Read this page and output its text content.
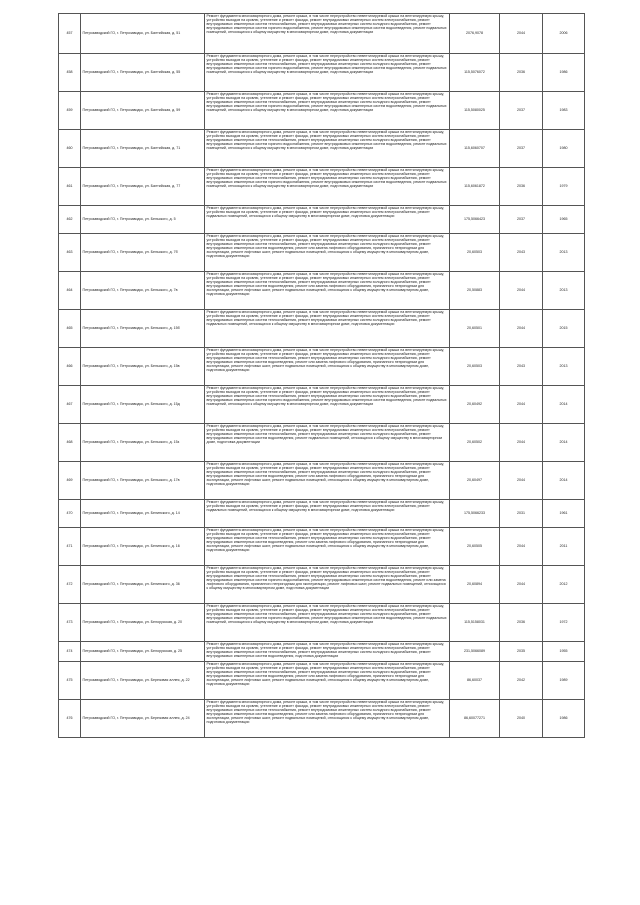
457	Петрозаводский ГО, г. Петрозаводск, ул. Балтийская, д. 51	Ремонт фундамента многоквартирного дома, ремонт крыши, в том числе переустройство невентилируемой крыши на вентилируемую крышу, устройство выходов на кровлю, утепление и ремонт фасада, ремонт внутридомовых инженерных систем электроснабжения, ремонт внутридомовых инженерных систем теплоснабжения, ремонт внутридомовых инженерных систем холодного водоснабжения, ремонт внутридомовых инженерных систем горячего водоснабжения, ремонт внутридомовых инженерных систем водоотведения, ремонт подвальных помещений, относящихся к общему имуществу в многоквартирном доме, подготовка документации	2076,9078	2044	2006
458	Петрозаводский ГО, г. Петрозаводск, ул. Балтийская, д. 55	Ремонт фундамента многоквартирного дома, ремонт крыши, в том числе переустройство невентилируемой крыши на вентилируемую крышу, устройство выходов на кровлю, утепление и ремонт фасада, ремонт внутридомовых инженерных систем электроснабжения, ремонт внутридомовых инженерных систем теплоснабжения, ремонт внутридомовых инженерных систем холодного водоснабжения, ремонт внутридомовых инженерных систем горячего водоснабжения, ремонт внутридомовых инженерных систем водоотведения, ремонт подвальных помещений, относящихся к общему имуществу в многоквартирном доме, подготовка документации	115,5076072	2036	1986
459	Петрозаводский ГО, г. Петрозаводск, ул. Балтийская, д. 59	Ремонт фундамента многоквартирного дома, ремонт крыши, в том числе переустройство невентилируемой крыши на вентилируемую крышу, устройство выходов на кровлю, утепление и ремонт фасада, ремонт внутридомовых инженерных систем электроснабжения, ремонт внутридомовых инженерных систем теплоснабжения, ремонт внутридомовых инженерных систем холодного водоснабжения, ремонт внутридомовых инженерных систем горячего водоснабжения, ремонт внутридомовых инженерных систем водоотведения, ремонт подвальных помещений, относящихся к общему имуществу в многоквартирном доме, подготовка документации	115,5080025	2037	1983
460	Петрозаводский ГО, г. Петрозаводск, ул. Балтийская, д. 71	Ремонт фундамента многоквартирного дома, ремонт крыши, в том числе переустройство невентилируемой крыши на вентилируемую крышу, устройство выходов на кровлю, утепление и ремонт фасада, ремонт внутридомовых инженерных систем электроснабжения, ремонт внутридомовых инженерных систем теплоснабжения, ремонт внутридомовых инженерных систем холодного водоснабжения, ремонт внутридомовых инженерных систем горячего водоснабжения, ремонт внутридомовых инженерных систем водоотведения, ремонт подвальных помещений, относящихся к общему имуществу в многоквартирном доме, подготовка документации	115,6060707	2037	1980
461	Петрозаводский ГО, г. Петрозаводск, ул. Балтийская, д. 77	Ремонт фундамента многоквартирного дома, ремонт крыши, в том числе переустройство невентилируемой крыши на вентилируемую крышу, устройство выходов на кровлю, утепление и ремонт фасада, ремонт внутридомовых инженерных систем электроснабжения, ремонт внутридомовых инженерных систем теплоснабжения, ремонт внутридомовых инженерных систем холодного водоснабжения, ремонт внутридомовых инженерных систем горячего водоснабжения, ремонт внутридомовых инженерных систем водоотведения, ремонт подвальных помещений, относящихся к общему имуществу в многоквартирном доме, подготовка документации	115,6061872	2036	1979
462	Петрозаводский ГО, г. Петрозаводск, ул. Бельского, д. 5	Ремонт фундамента многоквартирного дома, ремонт крыши, в том числе переустройство невентилируемой крыши на вентилируемую крышу, устройство выходов на кровлю, утепление и ремонт фасада, ремонт внутридомовых инженерных систем электроснабжения, ремонт подвальных помещений, относящихся к общему имуществу в многоквартирном доме, подготовка документации	175,5066423	2037	1965
463	Петрозаводский ГО, г. Петрозаводск, ул. Бельского, д. 7б	Ремонт фундамента многоквартирного дома, ремонт крыши, в том числе переустройство невентилируемой крыши на вентилируемую крышу, устройство выходов на кровлю, утепление и ремонт фасада, ремонт внутридомовых инженерных систем электроснабжения, ремонт внутридомовых инженерных систем теплоснабжения, ремонт внутридомовых инженерных систем холодного водоснабжения, ремонт внутридомовых инженерных систем водоотведения, ремонт или замена лифтового оборудования, признанного непригодным для эксплуатации, ремонт лифтовых шахт, ремонт подвальных помещений, относящихся к общему имуществу в многоквартирном доме, подготовка документации	20,60503	2043	2013
464	Петрозаводский ГО, г. Петрозаводск, ул. Бельского, д. 7в	Ремонт фундамента многоквартирного дома, ремонт крыши, в том числе переустройство невентилируемой крыши на вентилируемую крышу, устройство выходов на кровлю, утепление и ремонт фасада, ремонт внутридомовых инженерных систем электроснабжения, ремонт внутридомовых инженерных систем теплоснабжения, ремонт внутридомовых инженерных систем холодного водоснабжения, ремонт внутридомовых инженерных систем водоотведения, ремонт или замена лифтового оборудования, признанного непригодным для эксплуатации, ремонт лифтовых шахт, ремонт подвальных помещений, относящихся к общему имуществу в многоквартирном доме, подготовка документации	20,50883	2044	2013
465	Петрозаводский ГО, г. Петрозаводск, ул. Бельского, д. 15б	Ремонт фундамента многоквартирного дома, ремонт крыши, в том числе переустройство невентилируемой крыши на вентилируемую крышу, устройство выходов на кровлю, утепление и ремонт фасада, ремонт внутридомовых инженерных систем электроснабжения, ремонт внутридомовых инженерных систем теплоснабжения, ремонт внутридомовых инженерных систем холодного водоснабжения, ремонт подвальных помещений, относящихся к общему имуществу в многоквартирном доме, подготовка документации	20,60501	2044	2015
466	Петрозаводский ГО, г. Петрозаводск, ул. Бельского, д. 15в	Ремонт фундамента многоквартирного дома, ремонт крыши, в том числе переустройство невентилируемой крыши на вентилируемую крышу, устройство выходов на кровлю, утепление и ремонт фасада, ремонт внутридомовых инженерных систем электроснабжения, ремонт внутридомовых инженерных систем теплоснабжения, ремонт внутридомовых инженерных систем холодного водоснабжения, ремонт внутридомовых инженерных систем водоотведения, ремонт или замена лифтового оборудования, признанного непригодным для эксплуатации, ремонт лифтовых шахт, ремонт подвальных помещений, относящихся к общему имуществу в многоквартирном доме, подготовка документации	20,60503	2043	2013
467	Петрозаводский ГО, г. Петрозаводск, ул. Бельского, д. 15д	Ремонт фундамента многоквартирного дома, ремонт крыши, в том числе переустройство невентилируемой крыши на вентилируемую крышу, устройство выходов на кровлю, утепление и ремонт фасада, ремонт внутридомовых инженерных систем электроснабжения, ремонт внутридомовых инженерных систем теплоснабжения, ремонт внутридомовых инженерных систем холодного водоснабжения, ремонт внутридомовых инженерных систем горячего водоснабжения, ремонт внутридомовых инженерных систем водоотведения, ремонт подвальных помещений, относящихся к общему имуществу в многоквартирном доме, подготовка документации	20,60492	2044	2014
468	Петрозаводский ГО, г. Петрозаводск, ул. Бельского, д. 15з	Ремонт фундамента многоквартирного дома, ремонт крыши, в том числе переустройство невентилируемой крыши на вентилируемую крышу, устройство выходов на кровлю, утепление и ремонт фасада, ремонт внутридомовых инженерных систем электроснабжения, ремонт внутридомовых инженерных систем теплоснабжения, ремонт внутридомовых инженерных систем холодного водоснабжения, ремонт внутридомовых инженерных систем водоотведения, ремонт подвальных помещений, относящихся к общему имуществу в многоквартирном доме, подготовка документации	20,60502	2044	2014
469	Петрозаводский ГО, г. Петрозаводск, ул. Бельского, д. 17в	Ремонт фундамента многоквартирного дома, ремонт крыши, в том числе переустройство невентилируемой крыши на вентилируемую крышу, устройство выходов на кровлю, утепление и ремонт фасада, ремонт внутридомовых инженерных систем электроснабжения, ремонт внутридомовых инженерных систем теплоснабжения, ремонт внутридомовых инженерных систем холодного водоснабжения, ремонт внутридомовых инженерных систем водоотведения, ремонт или замена лифтового оборудования, признанного непригодным для эксплуатации, ремонт лифтовых шахт, ремонт подвальных помещений, относящихся к общему имуществу в многоквартирном доме, подготовка документации	20,60497	2044	2014
470	Петрозаводский ГО, г. Петрозаводск, ул. Белинского, д. 14	Ремонт фундамента многоквартирного дома, ремонт крыши, в том числе переустройство невентилируемой крыши на вентилируемую крышу, устройство выходов на кровлю, утепление и ремонт фасада, ремонт внутридомовых инженерных систем электроснабжения, ремонт подвальных помещений, относящихся к общему имуществу в многоквартирном доме, подготовка документации	175,5066233	2031	1961
471	Петрозаводский ГО, г. Петрозаводск, ул. Белинского, д. 16	Ремонт фундамента многоквартирного дома, ремонт крыши, в том числе переустройство невентилируемой крыши на вентилируемую крышу, устройство выходов на кровлю, утепление и ремонт фасада, ремонт внутридомовых инженерных систем электроснабжения, ремонт внутридомовых инженерных систем теплоснабжения, ремонт внутридомовых инженерных систем холодного водоснабжения, ремонт внутридомовых инженерных систем водоотведения, ремонт или замена лифтового оборудования, признанного непригодным для эксплуатации, ремонт лифтовых шахт, ремонт подвальных помещений, относящихся к общему имуществу в многоквартирном доме, подготовка документации	20,60505	2044	2011
472	Петрозаводский ГО, г. Петрозаводск, ул. Белинского, д. 36	Ремонт фундамента многоквартирного дома, ремонт крыши, в том числе переустройство невентилируемой крыши на вентилируемую крышу, устройство выходов на кровлю, утепление и ремонт фасада, ремонт внутридомовых инженерных систем электроснабжения, ремонт внутридомовых инженерных систем теплоснабжения, ремонт внутридомовых инженерных систем холодного водоснабжения, ремонт внутридомовых инженерных систем горячего водоснабжения, ремонт внутридомовых инженерных систем водоотведения, ремонт или замена лифтового оборудования, признанного непригодным для эксплуатации, ремонт лифтовых шахт, ремонт подвальных помещений, относящихся к общему имуществу в многоквартирном доме, подготовка документации	20,60894	2044	2012
473	Петрозаводский ГО, г. Петрозаводск, ул. Белорусская, д. 20	Ремонт фундамента многоквартирного дома, ремонт крыши, в том числе переустройство невентилируемой крыши на вентилируемую крышу, устройство выходов на кровлю, утепление и ремонт фасада, ремонт внутридомовых инженерных систем электроснабжения, ремонт внутридомовых инженерных систем теплоснабжения, ремонт внутридомовых инженерных систем холодного водоснабжения, ремонт внутридомовых инженерных систем горячего водоснабжения, ремонт внутридомовых инженерных систем водоотведения, ремонт подвальных помещений, относящихся к общему имуществу в многоквартирном доме, подготовка документации	115,5158031	2036	1972
474	Петрозаводский ГО, г. Петрозаводск, ул. Белорусская, д. 25	Ремонт фундамента многоквартирного дома, ремонт крыши, в том числе переустройство невентилируемой крыши на вентилируемую крышу, устройство выходов на кровлю, утепление и ремонт фасада, ремонт внутридомовых инженерных систем электроснабжения, ремонт внутридомовых инженерных систем теплоснабжения, ремонт внутридомовых инженерных систем холодного водоснабжения, ремонт внутридомовых инженерных систем водоотведения, подготовка документации	231,5066089	2035	1955
475	Петрозаводский ГО, г. Петрозаводск, ул. Березовая аллея, д. 22	Ремонт фундамента многоквартирного дома, ремонт крыши, в том числе переустройство невентилируемой крыши на вентилируемую крышу, устройство выходов на кровлю, утепление и ремонт фасада, ремонт внутридомовых инженерных систем электроснабжения, ремонт внутридомовых инженерных систем теплоснабжения, ремонт внутридомовых инженерных систем холодного водоснабжения, ремонт внутридомовых инженерных систем водоотведения, ремонт или замена лифтового оборудования, признанного непригодным для эксплуатации, ремонт лифтовых шахт, ремонт подвальных помещений, относящихся к общему имуществу в многоквартирном доме, подготовка документации	86,60037	2042	1989
476	Петрозаводский ГО, г. Петрозаводск, ул. Березовая аллея, д. 24	Ремонт фундамента многоквартирного дома, ремонт крыши, в том числе переустройство невентилируемой крыши на вентилируемую крышу, устройство выходов на кровлю, утепление и ремонт фасада, ремонт внутридомовых инженерных систем электроснабжения, ремонт внутридомовых инженерных систем теплоснабжения, ремонт внутридомовых инженерных систем холодного водоснабжения, ремонт внутридомовых инженерных систем водоотведения, ремонт или замена лифтового оборудования, признанного непригодным для эксплуатации, ремонт лифтовых шахт, ремонт подвальных помещений, относящихся к общему имуществу в многоквартирном доме, подготовка документации	86,60077271	2040	1986
